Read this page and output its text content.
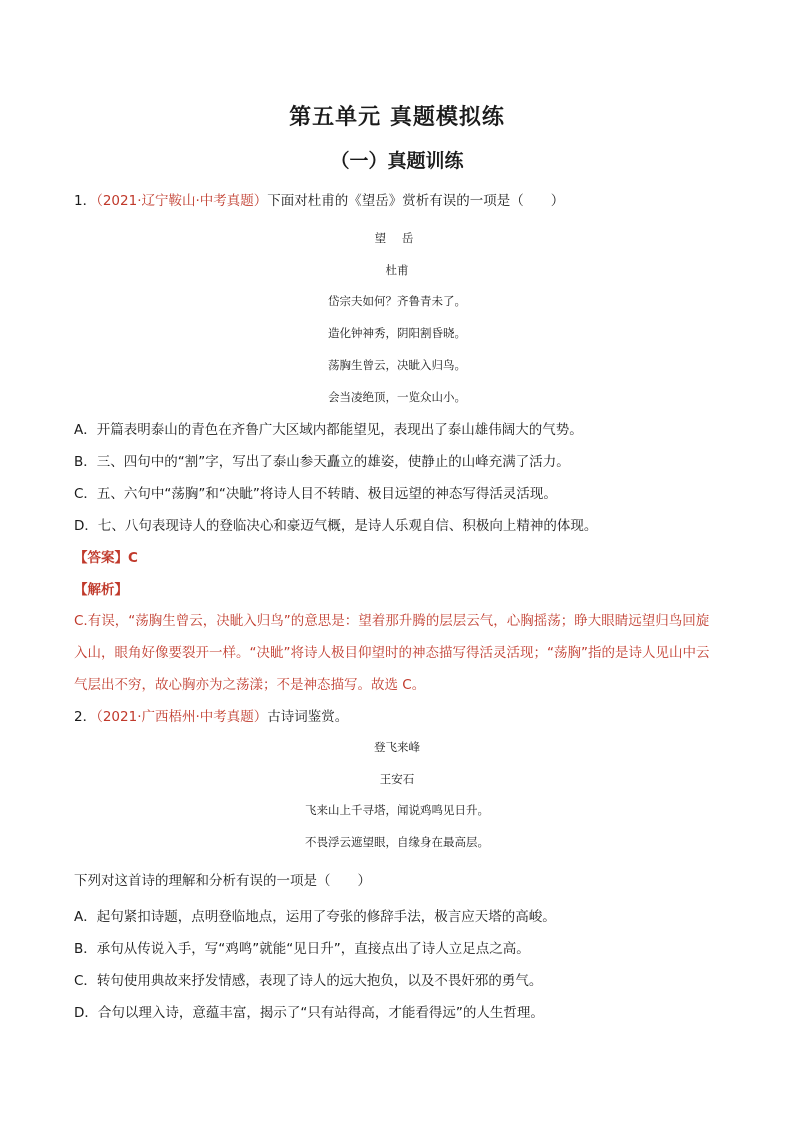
第五单元 真题模拟练
（一）真题训练
1．（2021·辽宁鞍山·中考真题）下面对杜甫的《望岳》赏析有误的一项是（　　）
望 岳
杜甫
岱宗夫如何？齐鲁青未了。
造化钟神秀，阴阳割昏晓。
荡胸生曾云，决眦入归鸟。
会当凌绝顶，一览众山小。
A．开篇表明泰山的青色在齐鲁广大区域内都能望见，表现出了泰山雄伟阔大的气势。
B．三、四句中的“割”字，写出了泰山参天矗立的雄姿，使静止的山峰充满了活力。
C．五、六句中“荡胸”和“决眦”将诗人目不转睛、极目远望的神态写得活灵活现。
D．七、八句表现诗人的登临决心和豪迈气概，是诗人乐观自信、积极向上精神的体现。
【答案】C
【解析】
C.有误，“荡胸生曾云，决眦入归鸟”的意思是：望着那升腾的层层云气，心胸摇荡；睁大眼睛远望归鸟回旋
入山，眼角好像要裂开一样。“决眦”将诗人极目仰望时的神态描写得活灵活现；“荡胸”指的是诗人见山中云
气层出不穷，故心胸亦为之荡漾；不是神态描写。故选 C。
2．（2021·广西梧州·中考真题）古诗词鉴赏。
登飞来峰
王安石
飞来山上千寻塔，闻说鸡鸣见日升。
不畏浮云遮望眼，自缘身在最高层。
下列对这首诗的理解和分析有误的一项是（　　）
A．起句紧扣诗题，点明登临地点，运用了夸张的修辞手法，极言应天塔的高峻。
B．承句从传说入手，写“鸡鸣”就能“见日升”，直接点出了诗人立足点之高。
C．转句使用典故来抒发情感，表现了诗人的远大抱负，以及不畏奸邪的勇气。
D．合句以理入诗，意蕴丰富，揭示了“只有站得高，才能看得远”的人生哲理。
